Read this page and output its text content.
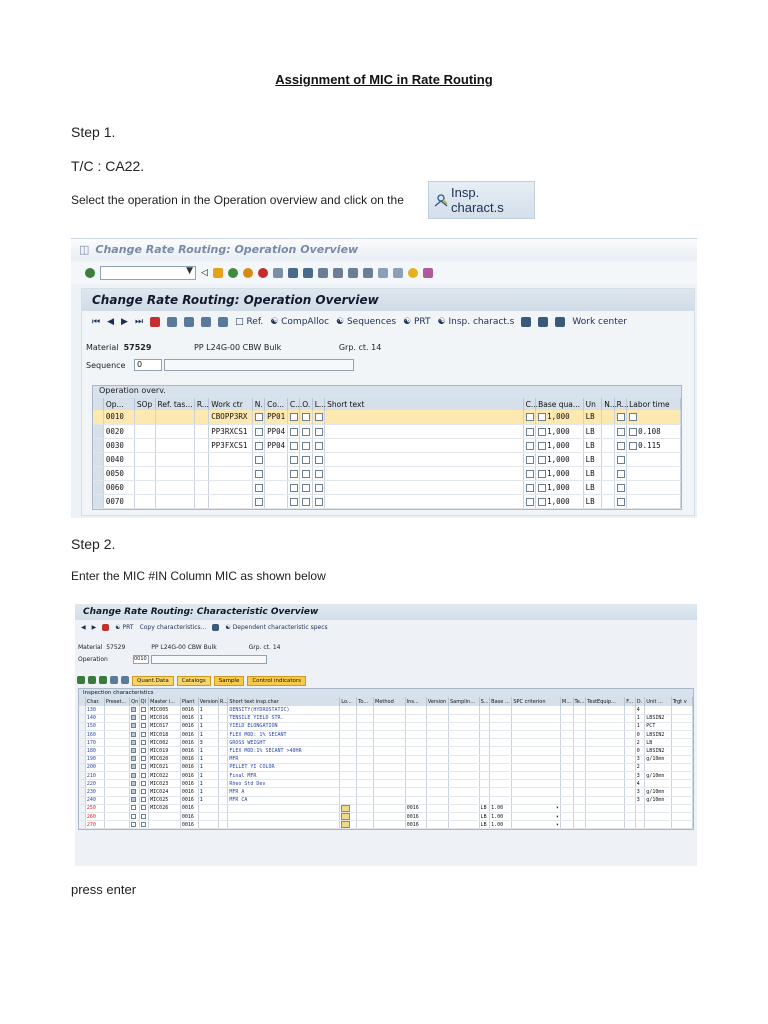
Assignment of MIC in Rate Routing
Step 1.
T/C : CA22.
Select the operation in the Operation overview and click on the	Insp. charact.s
◫ Change Rate Routing: Operation Overview
▼ ◁
Change Rate Routing: Operation Overview
⏮ ◀ ▶ ⏭	□ Ref. ☯ CompAlloc ☯ Sequences ☯ PRT ☯ Insp. charact.s	Work center
Material 57529	PP L24G-00 CBW Bulk	Grp. ct. 14
Sequence	0
Operation overv.
	Op...	SOp	Ref. tas...	R...	Work ctr	N.	Co...	C...	O.	L...	Short text	C...	Base qua...	Un	N...	R...	Labor time
	0010				CBOPP3RX		PP01						1,000	LB			
	0020				PP3RXCS1		PP04						1,000	LB			0.108
	0030				PP3FXCS1		PP04						1,000	LB			0.115
	0040												1,000	LB			
	0050												1,000	LB			
	0060												1,000	LB			
	0070												1,000	LB			
Step 2.
Enter the MIC #IN Column MIC as shown below
Change Rate Routing: Characteristic Overview
◀ ▶	☯ PRT Copy characteristics...	☯ Dependent characteristic specs
Material 57529	PP L24G-00 CBW Bulk	Grp. ct. 14
Operation	0010
Quant.Data	Catalogs	Sample	Control indicators
Inspection characteristics
	Char.	Preset...	Qn	Ql	Master i...	Plant	Version	R...	Short text insp.char	Lo...	To...	Method	Ins...	Version	Samplin...	S...	Base ...	SPC criterion	M...	Te...	TestEquip...	F...	D.	Unit ...	Trgt v
	130				MIC005	0016	1		DENSITY(HYDROSTATIC)														4		
	140				MIC016	0016	1		TENSILE YIELD STR.														1	LBSIN2	
	150				MIC017	0016	1		YIELD ELONGATION														1	PCT	
	160				MIC018	0016	1		FLEX MOD: 1% SECANT														0	LBSIN2	
	170				MIC002	0016	3		GROSS WEIGHT														2	LB	
	180				MIC019	0016	1		FLEX MOD:1% SECANT >40HR														0	LBSIN2	
	190				MIC020	0016	1		MFR														3	g/10mn	
	200				MIC021	0016	1		PELLET YI COLOR														2		
	210				MIC022	0016	1		Final MFR														3	g/10mn	
	220				MIC023	0016	1		Rheo Std Dev														4		
	230				MIC024	0016	1		MFR A														3	g/10mn	
	240				MIC025	0016	1		MFR CA														3	g/10mn	
	250				MIC026	0016							0016			LB	1.00	▾							
	260					0016							0016			LB	1.00	▾							
	270					0016							0016			LB	1.00	▾							
press enter
